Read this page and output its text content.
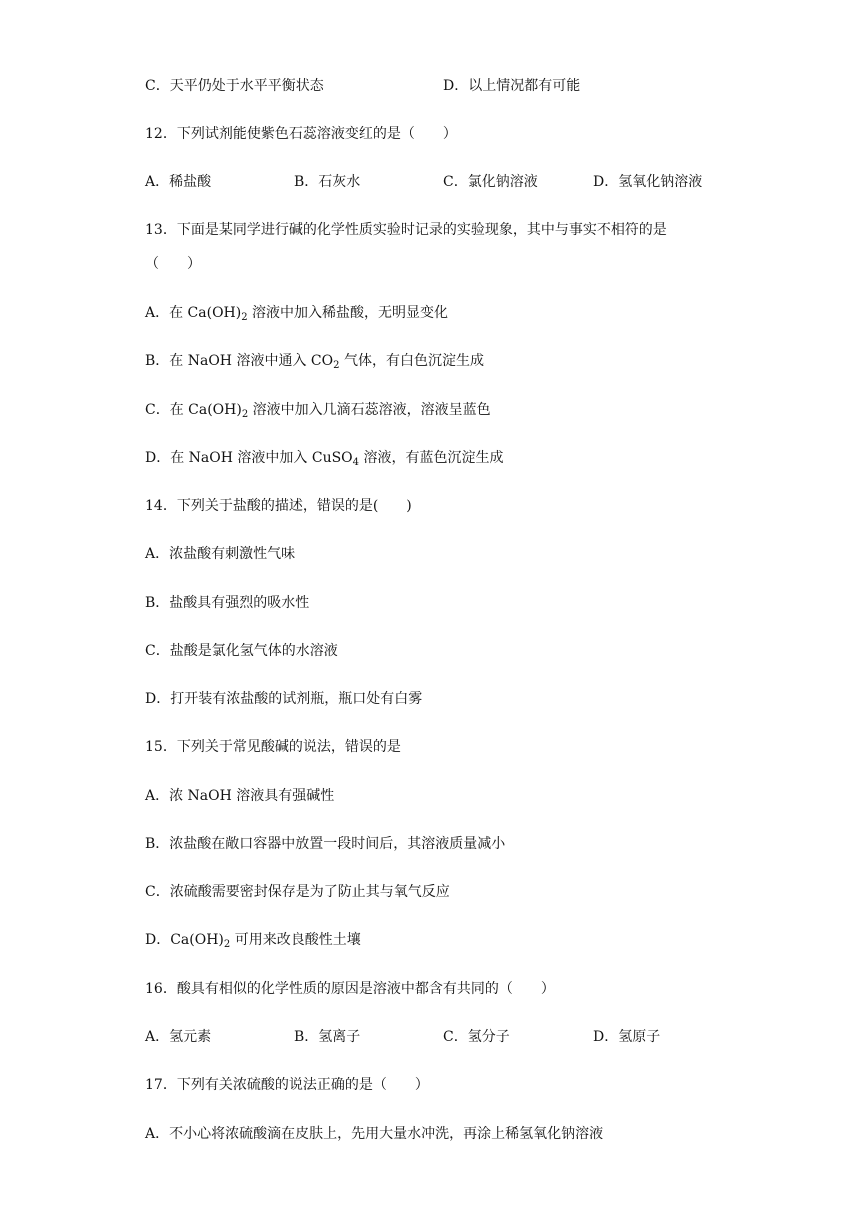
C．天平仍处于水平平衡状态	D．以上情况都有可能
12．下列试剂能使紫色石蕊溶液变红的是（　　）
A．稀盐酸	B．石灰水	C．氯化钠溶液	D．氢氧化钠溶液
13．下面是某同学进行碱的化学性质实验时记录的实验现象，其中与事实不相符的是
（　　）
A．在 $Ca(OH)_2$ 溶液中加入稀盐酸，无明显变化
B．在 NaOH 溶液中通入 $CO_2$ 气体，有白色沉淀生成
C．在 $Ca(OH)_2$ 溶液中加入几滴石蕊溶液，溶液呈蓝色
D．在 NaOH 溶液中加入 CuSO$_4$ 溶液，有蓝色沉淀生成
14．下列关于盐酸的描述，错误的是(　　)
A．浓盐酸有刺激性气味
B．盐酸具有强烈的吸水性
C．盐酸是氯化氢气体的水溶液
D．打开装有浓盐酸的试剂瓶，瓶口处有白雾
15．下列关于常见酸碱的说法，错误的是
A．浓 NaOH 溶液具有强碱性
B．浓盐酸在敞口容器中放置一段时间后，其溶液质量减小
C．浓硫酸需要密封保存是为了防止其与氧气反应
D．$Ca(OH)_2$ 可用来改良酸性土壤
16．酸具有相似的化学性质的原因是溶液中都含有共同的（　　）
A．氢元素	B．氢离子	C．氢分子	D．氢原子
17．下列有关浓硫酸的说法正确的是（　　）
A．不小心将浓硫酸滴在皮肤上，先用大量水冲洗，再涂上稀氢氧化钠溶液
